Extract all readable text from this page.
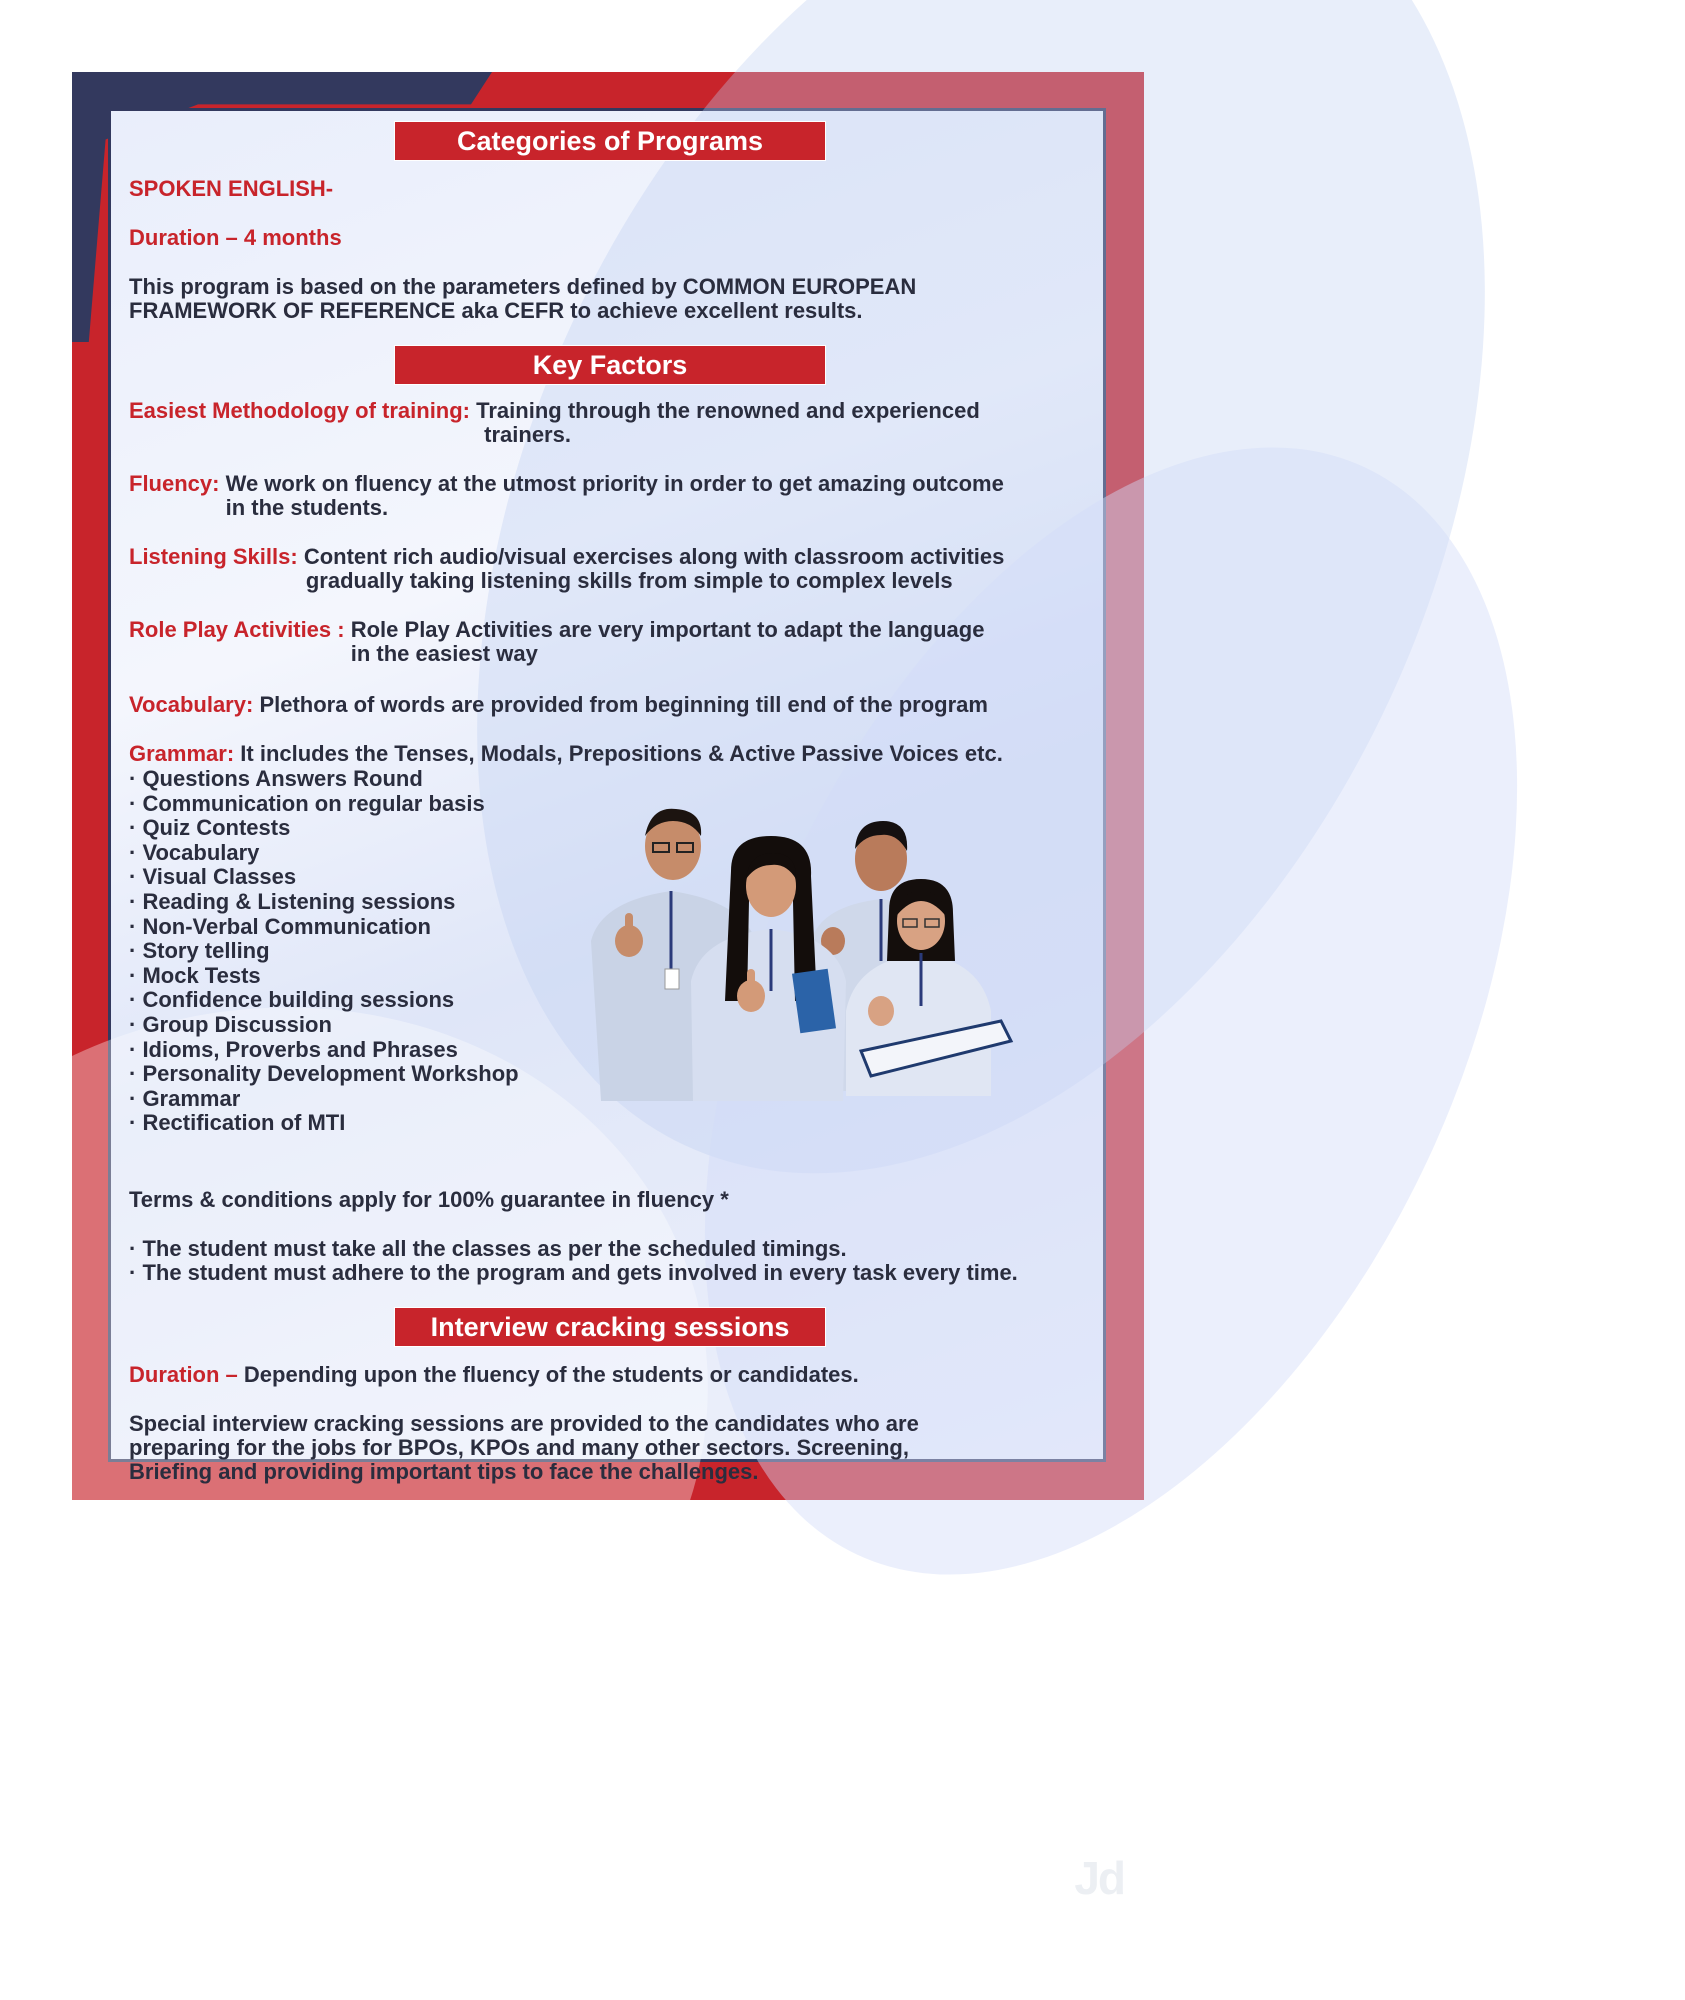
Categories of Programs
SPOKEN ENGLISH-
Duration – 4 months
This program is based on the parameters defined by COMMON EUROPEAN
FRAMEWORK OF REFERENCE aka CEFR to achieve excellent results.
Key Factors
Easiest Methodology of training: Training through the renowned and experienced
trainers.
Fluency: We work on fluency at the utmost priority in order to get amazing outcome
in the students.
Listening Skills: Content rich audio/visual exercises along with classroom activities
gradually taking listening skills from simple to complex levels
Role Play Activities : Role Play Activities are very important to adapt the language
in the easiest way
Vocabulary: Plethora of words are provided from beginning till end of the program
Grammar: It includes the Tenses, Modals, Prepositions & Active Passive Voices etc.
· Questions Answers Round
· Communication on regular basis
· Quiz Contests
· Vocabulary
· Visual Classes
· Reading & Listening sessions
· Non-Verbal Communication
· Story telling
· Mock Tests
· Confidence building sessions
· Group Discussion
· Idioms, Proverbs and Phrases
· Personality Development Workshop
· Grammar
· Rectification of MTI
Terms & conditions apply for 100% guarantee in fluency *
· The student must take all the classes as per the scheduled timings.
· The student must adhere to the program and gets involved in every task every time.
Interview cracking sessions
Duration – Depending upon the fluency of the students or candidates.
Special interview cracking sessions are provided to the candidates who are
preparing for the jobs for BPOs, KPOs and many other sectors. Screening,
Briefing and providing important tips to face the challenges.
Jd
